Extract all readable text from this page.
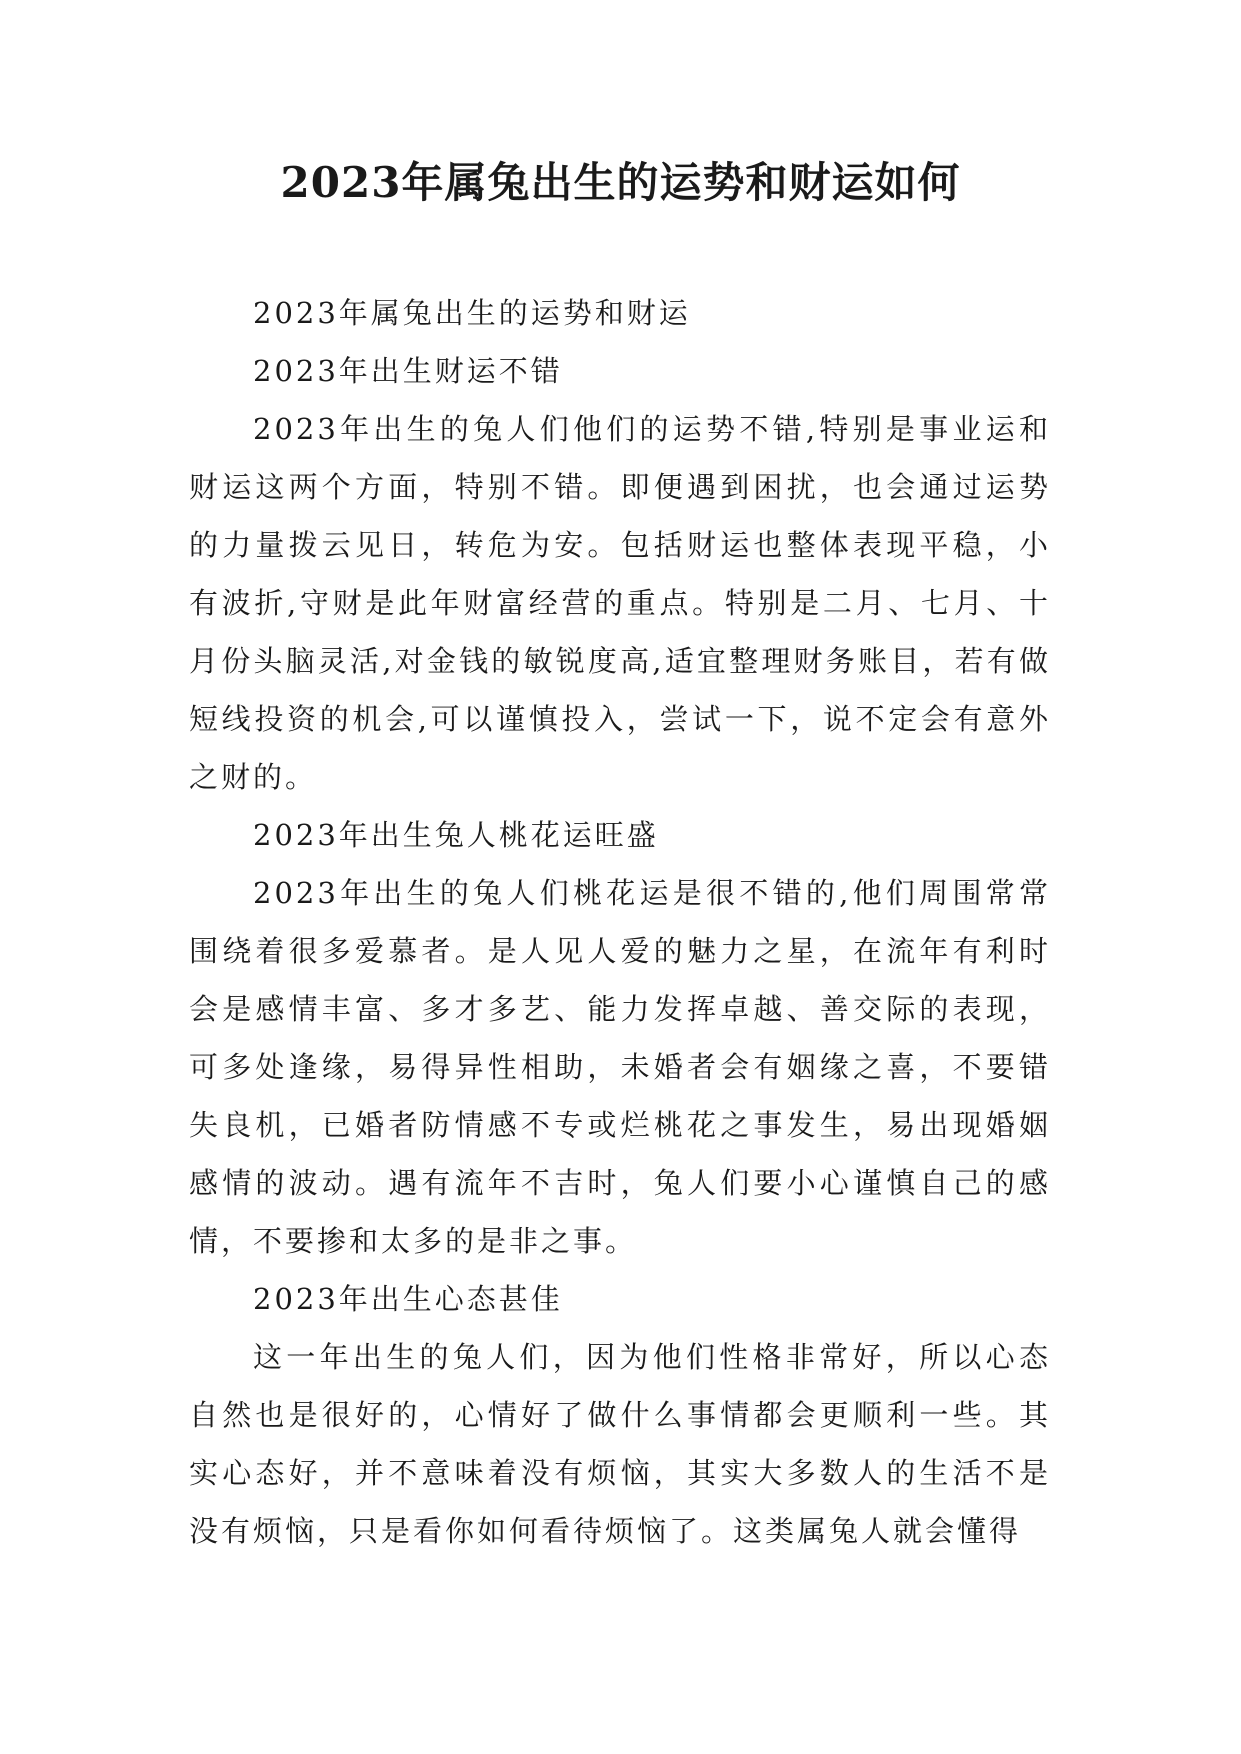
2023年属兔出生的运势和财运如何

2023年属兔出生的运势和财运

2023年出生财运不错

2023年出生的兔人们他们的运势不错,特别是事业运和财运这两个方面，特别不错。即便遇到困扰，也会通过运势的力量拨云见日，转危为安。包括财运也整体表现平稳，小有波折,守财是此年财富经营的重点。特别是二月、七月、十月份头脑灵活,对金钱的敏锐度高,适宜整理财务账目，若有做短线投资的机会,可以谨慎投入，尝试一下，说不定会有意外之财的。

2023年出生兔人桃花运旺盛

2023年出生的兔人们桃花运是很不错的,他们周围常常围绕着很多爱慕者。是人见人爱的魅力之星，在流年有利时会是感情丰富、多才多艺、能力发挥卓越、善交际的表现，可多处逢缘，易得异性相助，未婚者会有姻缘之喜，不要错失良机，已婚者防情感不专或烂桃花之事发生，易出现婚姻感情的波动。遇有流年不吉时，兔人们要小心谨慎自己的感情，不要掺和太多的是非之事。

2023年出生心态甚佳

这一年出生的兔人们，因为他们性格非常好，所以心态自然也是很好的，心情好了做什么事情都会更顺利一些。其实心态好，并不意味着没有烦恼，其实大多数人的生活不是没有烦恼，只是看你如何看待烦恼了。这类属兔人就会懂得
